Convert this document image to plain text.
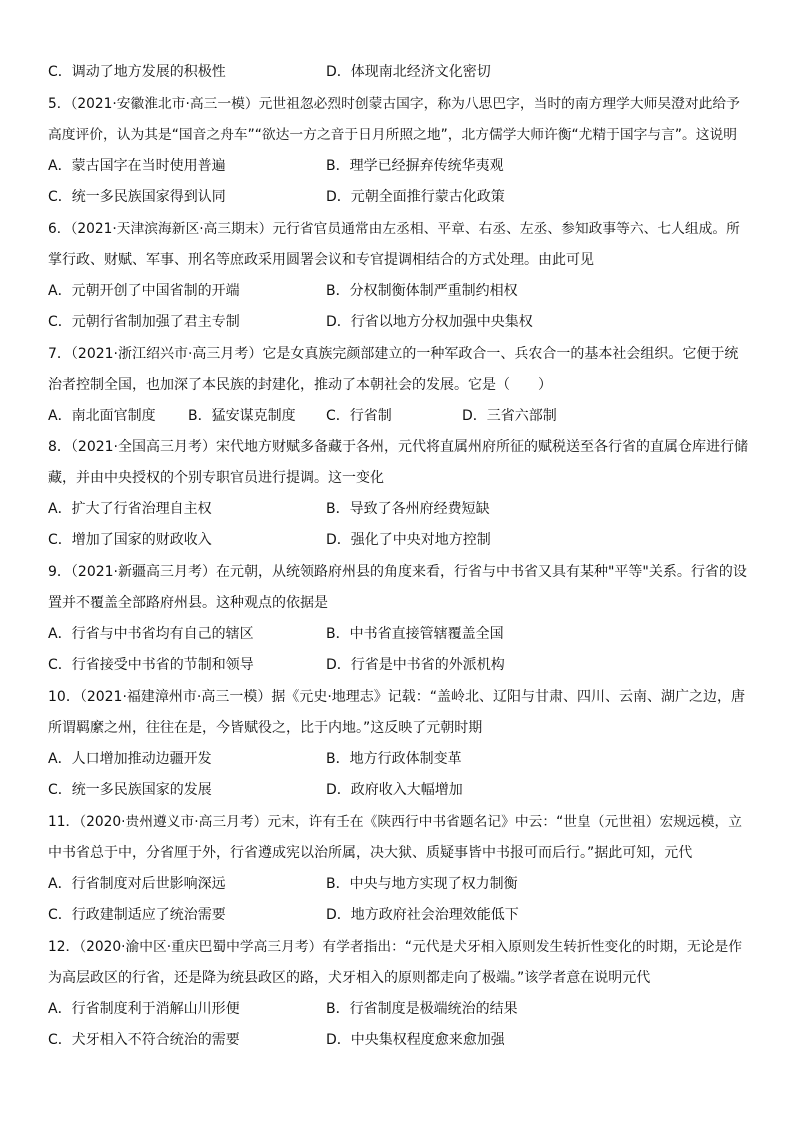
C．调动了地方发展的积极性	D．体现南北经济文化密切
5．（2021·安徽淮北市·高三一模）元世祖忽必烈时创蒙古国字，称为八思巴字，当时的南方理学大师吴澄对此给予
高度评价，认为其是“国音之舟车”“欲达一方之音于日月所照之地”，北方儒学大师许衡“尤精于国字与言”。这说明
A．蒙古国字在当时使用普遍	B．理学已经摒弃传统华夷观
C．统一多民族国家得到认同	D．元朝全面推行蒙古化政策
6．（2021·天津滨海新区·高三期末）元行省官员通常由左丞相、平章、右丞、左丞、参知政事等六、七人组成。所
掌行政、财赋、军事、刑名等庶政采用圆署会议和专官提调相结合的方式处理。由此可见
A．元朝开创了中国省制的开端	B．分权制衡体制严重制约相权
C．元朝行省制加强了君主专制	D．行省以地方分权加强中央集权
7．（2021·浙江绍兴市·高三月考）它是女真族完颜部建立的一种军政合一、兵农合一的基本社会组织。它便于统
治者控制全国，也加深了本民族的封建化，推动了本朝社会的发展。它是（　　）
A．南北面官制度 B．猛安谋克制度 C．行省制	D．三省六部制
8．（2021·全国高三月考）宋代地方财赋多备藏于各州，元代将直属州府所征的赋税送至各行省的直属仓库进行储
藏，并由中央授权的个别专职官员进行提调。这一变化
A．扩大了行省治理自主权	B．导致了各州府经费短缺
C．增加了国家的财政收入	D．强化了中央对地方控制
9．（2021·新疆高三月考）在元朝，从统领路府州县的角度来看，行省与中书省又具有某种"平等"关系。行省的设
置并不覆盖全部路府州县。这种观点的依据是
A．行省与中书省均有自己的辖区	B．中书省直接管辖覆盖全国
C．行省接受中书省的节制和领导	D．行省是中书省的外派机构
10．（2021·福建漳州市·高三一模）据《元史·地理志》记载：“盖岭北、辽阳与甘肃、四川、云南、湖广之边，唐
所谓羁縻之州，往往在是，今皆赋役之，比于内地。”这反映了元朝时期
A．人口增加推动边疆开发	B．地方行政体制变革
C．统一多民族国家的发展	D．政府收入大幅增加
11．（2020·贵州遵义市·高三月考）元末，许有壬在《陕西行中书省题名记》中云：“世皇（元世祖）宏规远模，立
中书省总于中，分省厘于外，行省遵成宪以治所属，决大狱、质疑事皆中书报可而后行。”据此可知，元代
A．行省制度对后世影响深远	B．中央与地方实现了权力制衡
C．行政建制适应了统治需要	D．地方政府社会治理效能低下
12．（2020·渝中区·重庆巴蜀中学高三月考）有学者指出：“元代是犬牙相入原则发生转折性变化的时期，无论是作
为高层政区的行省，还是降为统县政区的路，犬牙相入的原则都走向了极端。”该学者意在说明元代
A．行省制度利于消解山川形便	B．行省制度是极端统治的结果
C．犬牙相入不符合统治的需要	D．中央集权程度愈来愈加强
